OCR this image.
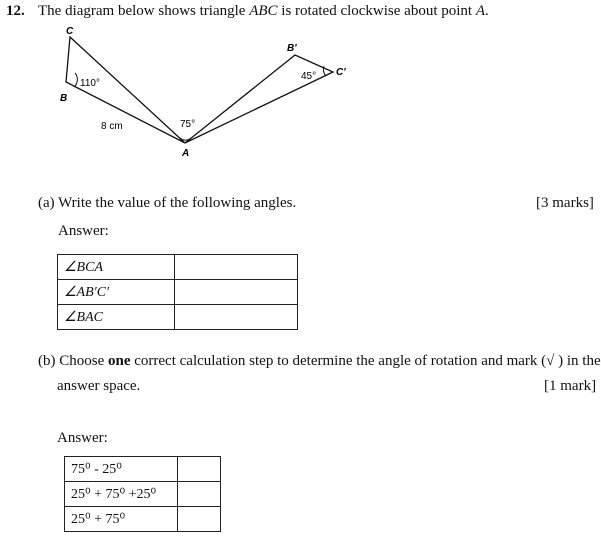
12. The diagram below shows triangle ABC is rotated clockwise about point A.
C
B
A
B'
C'
110°
75°
45°
8 cm
(a) Write the value of the following angles.	[3 marks]
Answer:
∠BCA	
∠AB′C′	
∠BAC	
(b) Choose one correct calculation step to determine the angle of rotation and mark (√ ) in the
answer space.	[1 mark]
Answer:
75⁰ - 25⁰	
25⁰ + 75⁰ +25⁰	
25⁰ + 75⁰	
